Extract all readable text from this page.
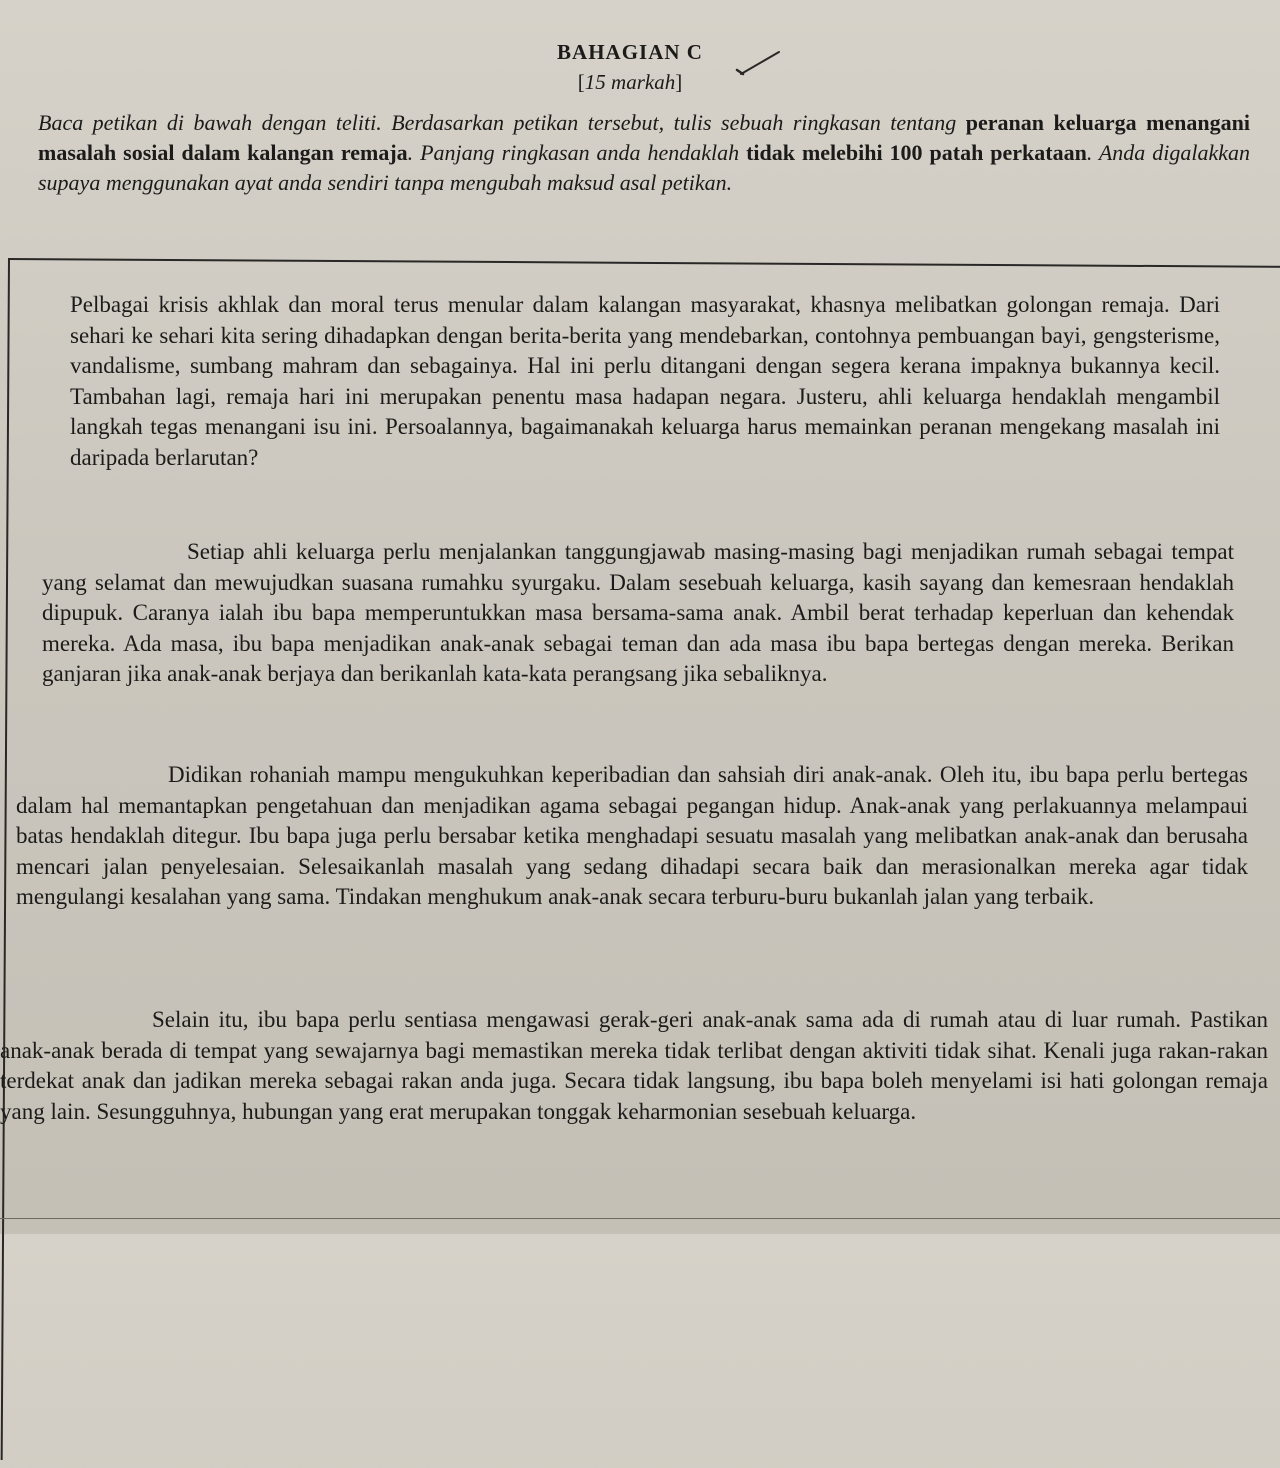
BAHAGIAN C
[15 markah]
Baca petikan di bawah dengan teliti. Berdasarkan petikan tersebut, tulis sebuah ringkasan tentang peranan keluarga menangani masalah sosial dalam kalangan remaja. Panjang ringkasan anda hendaklah tidak melebihi 100 patah perkataan. Anda digalakkan supaya menggunakan ayat anda sendiri tanpa mengubah maksud asal petikan.
Pelbagai krisis akhlak dan moral terus menular dalam kalangan masyarakat, khasnya melibatkan golongan remaja. Dari sehari ke sehari kita sering dihadapkan dengan berita-berita yang mendebarkan, contohnya pembuangan bayi, gengsterisme, vandalisme, sumbang mahram dan sebagainya. Hal ini perlu ditangani dengan segera kerana impaknya bukannya kecil. Tambahan lagi, remaja hari ini merupakan penentu masa hadapan negara. Justeru, ahli keluarga hendaklah mengambil langkah tegas menangani isu ini. Persoalannya, bagaimanakah keluarga harus memainkan peranan mengekang masalah ini daripada berlarutan?
Setiap ahli keluarga perlu menjalankan tanggungjawab masing-masing bagi menjadikan rumah sebagai tempat yang selamat dan mewujudkan suasana rumahku syurgaku. Dalam sesebuah keluarga, kasih sayang dan kemesraan hendaklah dipupuk. Caranya ialah ibu bapa memperuntukkan masa bersama-sama anak. Ambil berat terhadap keperluan dan kehendak mereka. Ada masa, ibu bapa menjadikan anak-anak sebagai teman dan ada masa ibu bapa bertegas dengan mereka. Berikan ganjaran jika anak-anak berjaya dan berikanlah kata-kata perangsang jika sebaliknya.
Didikan rohaniah mampu mengukuhkan keperibadian dan sahsiah diri anak-anak. Oleh itu, ibu bapa perlu bertegas dalam hal memantapkan pengetahuan dan menjadikan agama sebagai pegangan hidup. Anak-anak yang perlakuannya melampaui batas hendaklah ditegur. Ibu bapa juga perlu bersabar ketika menghadapi sesuatu masalah yang melibatkan anak-anak dan berusaha mencari jalan penyelesaian. Selesaikanlah masalah yang sedang dihadapi secara baik dan merasionalkan mereka agar tidak mengulangi kesalahan yang sama. Tindakan menghukum anak-anak secara terburu-buru bukanlah jalan yang terbaik.
Selain itu, ibu bapa perlu sentiasa mengawasi gerak-geri anak-anak sama ada di rumah atau di luar rumah. Pastikan anak-anak berada di tempat yang sewajarnya bagi memastikan mereka tidak terlibat dengan aktiviti tidak sihat. Kenali juga rakan-rakan terdekat anak dan jadikan mereka sebagai rakan anda juga. Secara tidak langsung, ibu bapa boleh menyelami isi hati golongan remaja yang lain. Sesungguhnya, hubungan yang erat merupakan tonggak keharmonian sesebuah keluarga.
